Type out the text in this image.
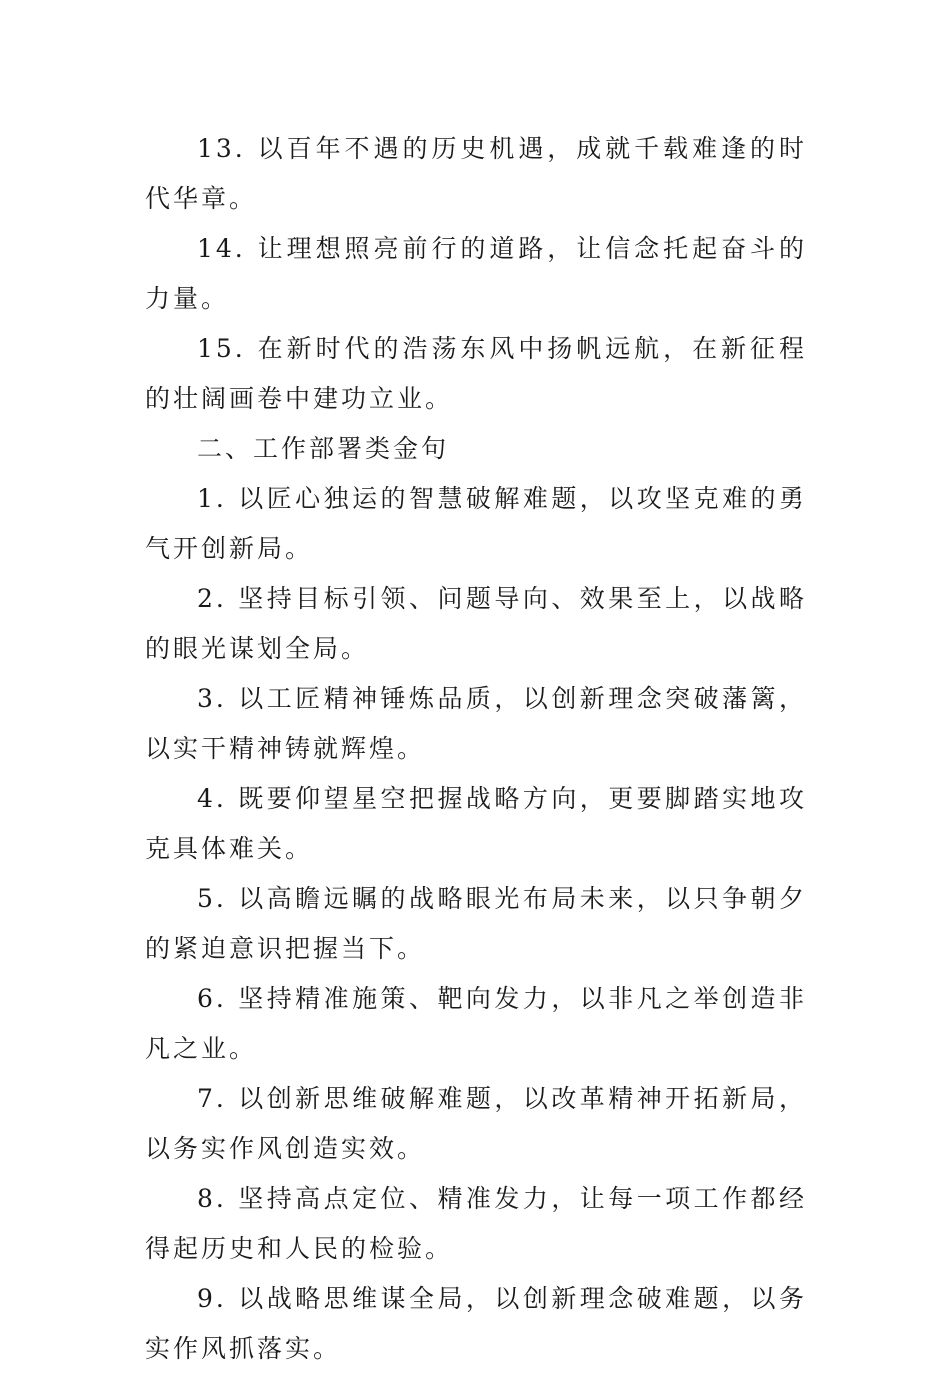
13. 以百年不遇的历史机遇，成就千载难逢的时代华章。

14. 让理想照亮前行的道路，让信念托起奋斗的力量。

15. 在新时代的浩荡东风中扬帆远航，在新征程的壮阔画卷中建功立业。

二、工作部署类金句

1. 以匠心独运的智慧破解难题，以攻坚克难的勇气开创新局。

2. 坚持目标引领、问题导向、效果至上，以战略的眼光谋划全局。

3. 以工匠精神锤炼品质，以创新理念突破藩篱，以实干精神铸就辉煌。

4. 既要仰望星空把握战略方向，更要脚踏实地攻克具体难关。

5. 以高瞻远瞩的战略眼光布局未来，以只争朝夕的紧迫意识把握当下。

6. 坚持精准施策、靶向发力，以非凡之举创造非凡之业。

7. 以创新思维破解难题，以改革精神开拓新局，以务实作风创造实效。

8. 坚持高点定位、精准发力，让每一项工作都经得起历史和人民的检验。

9. 以战略思维谋全局，以创新理念破难题，以务实作风抓落实。
